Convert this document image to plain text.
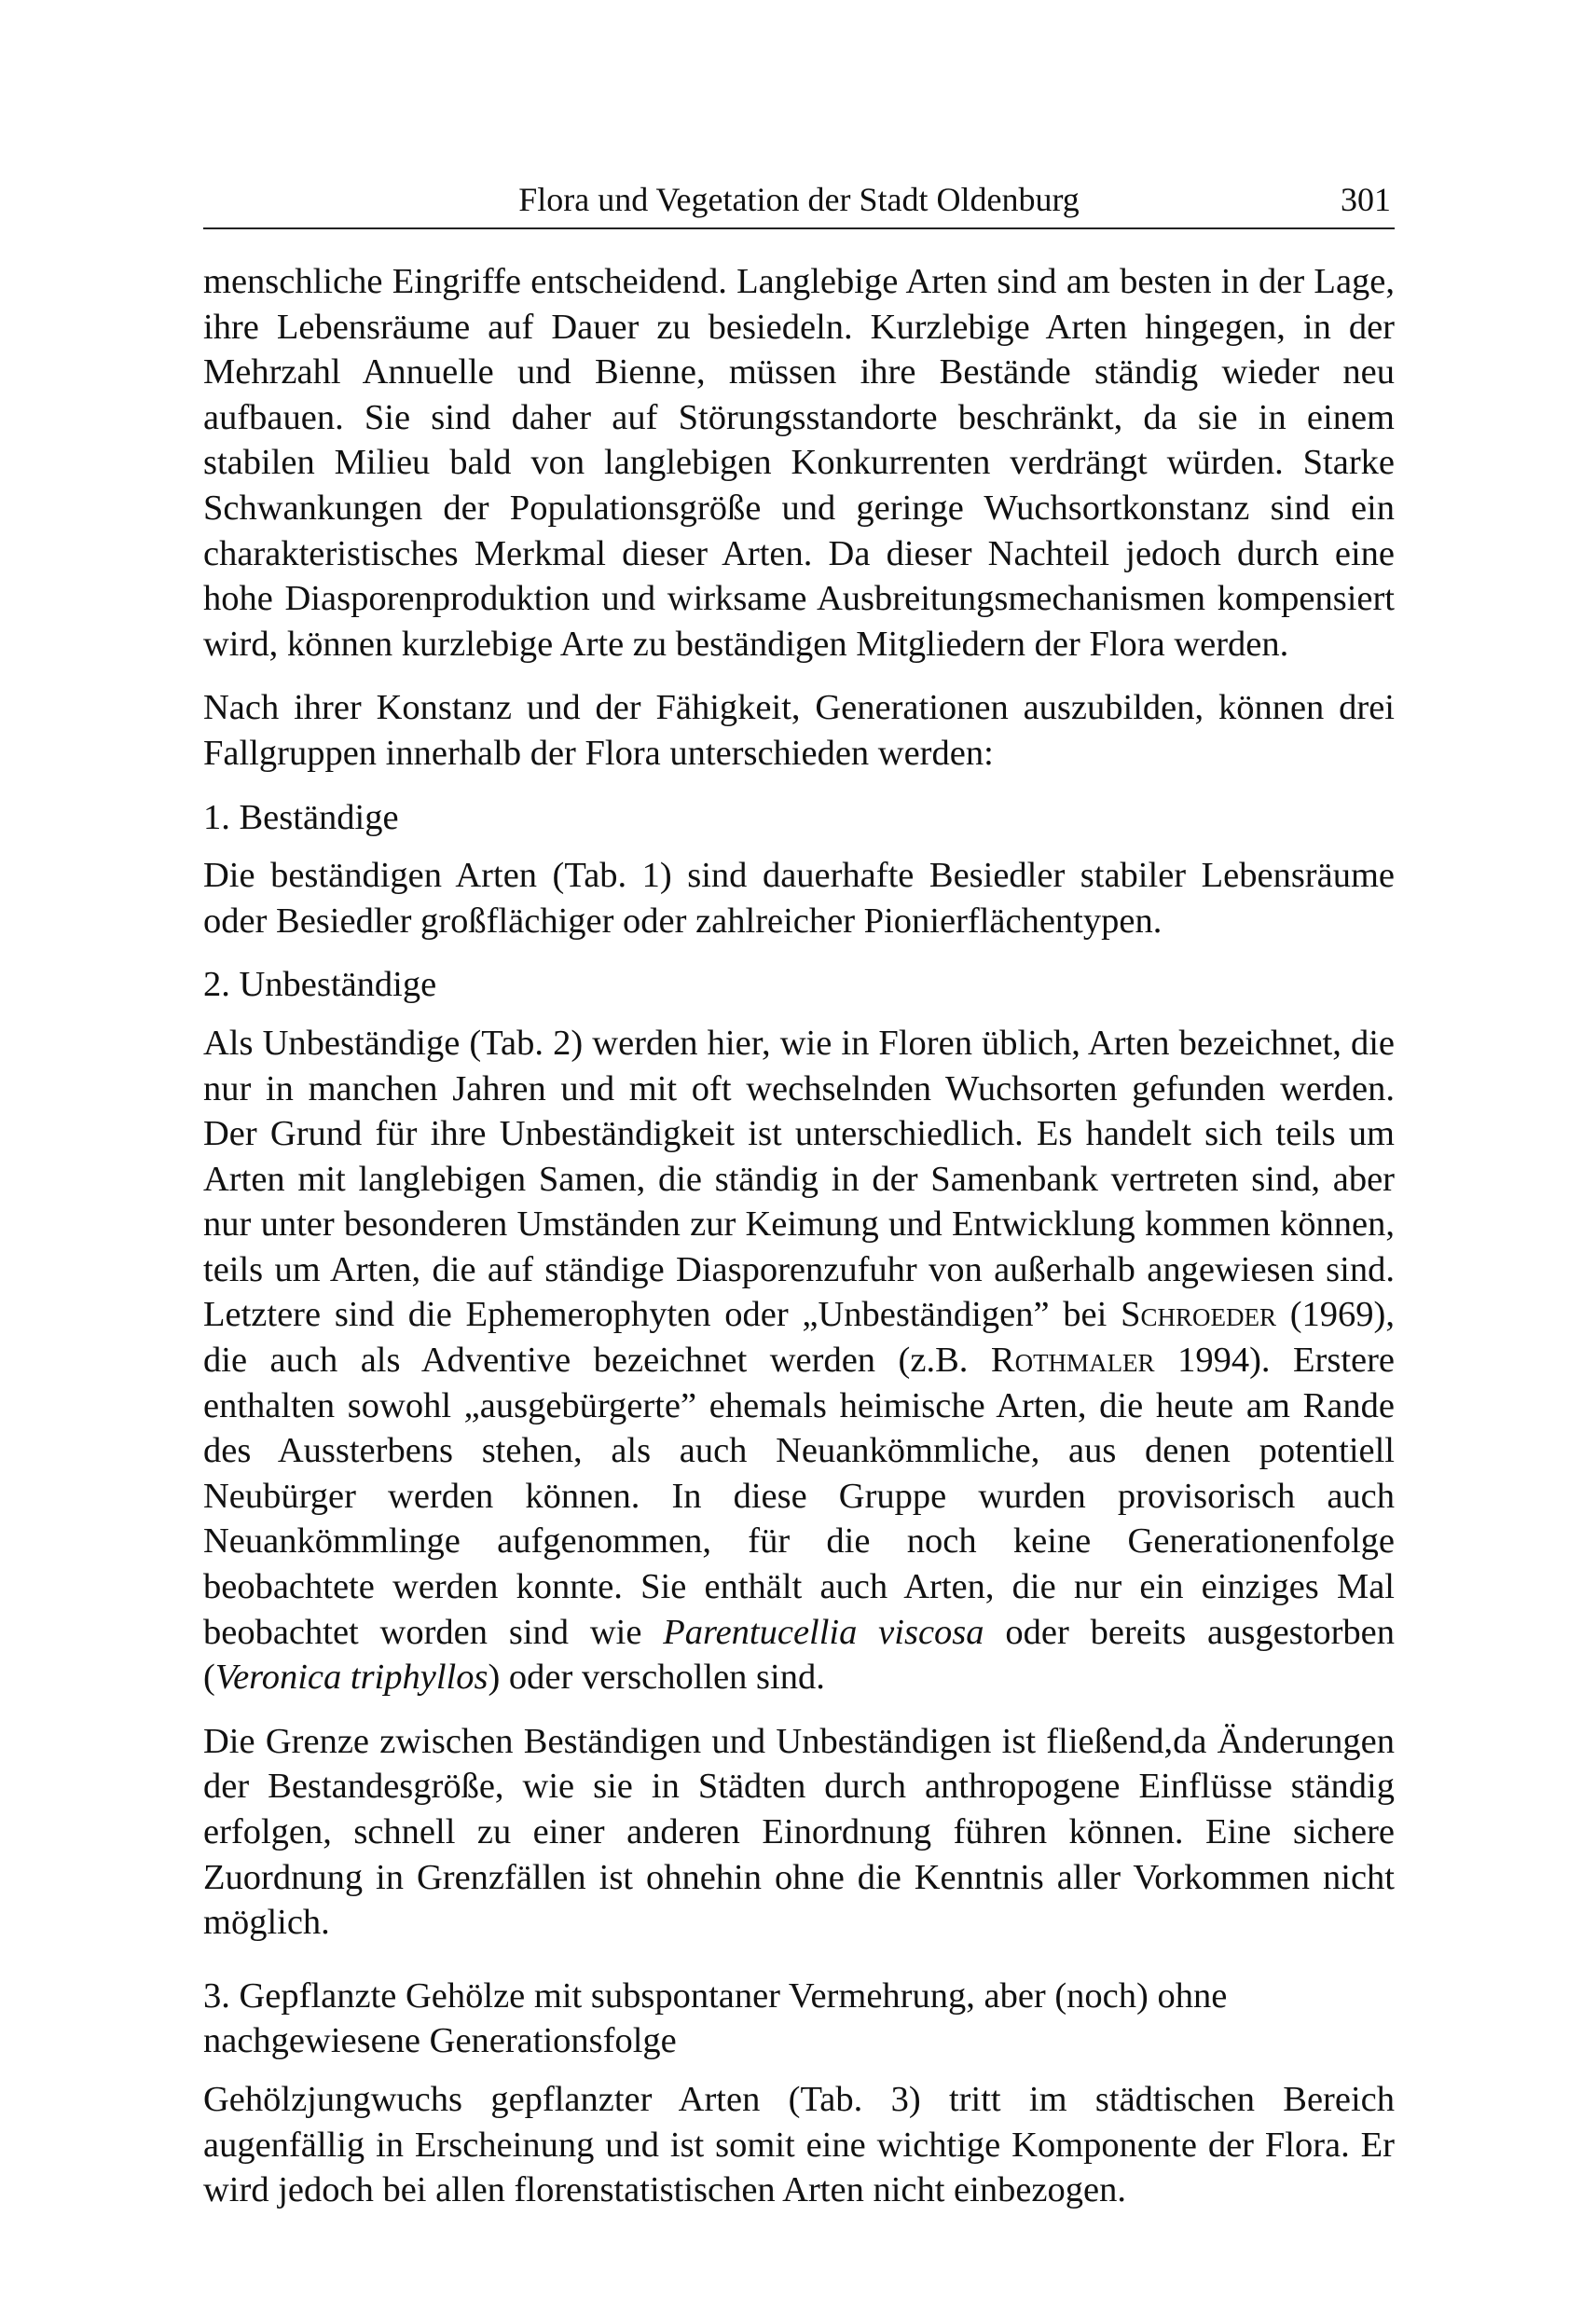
Flora und Vegetation der Stadt Oldenburg	301

menschliche Eingriffe entscheidend. Langlebige Arten sind am besten in der Lage, ihre Lebensräume auf Dauer zu besiedeln. Kurzlebige Arten hingegen, in der Mehrzahl Annuelle und Bienne, müssen ihre Bestände ständig wieder neu aufbauen. Sie sind daher auf Störungsstandorte beschränkt, da sie in einem stabilen Milieu bald von langlebigen Konkurrenten verdrängt würden. Starke Schwankungen der Populationsgröße und geringe Wuchsortkonstanz sind ein charakteristisches Merkmal dieser Arten. Da dieser Nachteil jedoch durch eine hohe Diasporenproduktion und wirksame Ausbreitungsmechanismen kompensiert wird, können kurzlebige Arte zu beständigen Mitgliedern der Flora werden.

Nach ihrer Konstanz und der Fähigkeit, Generationen auszubilden, können drei Fallgruppen innerhalb der Flora unterschieden werden:

1. Beständige

Die beständigen Arten (Tab. 1) sind dauerhafte Besiedler stabiler Lebensräume oder Besiedler großflächiger oder zahlreicher Pionierflächentypen.

2. Unbeständige

Als Unbeständige (Tab. 2) werden hier, wie in Floren üblich, Arten bezeichnet, die nur in manchen Jahren und mit oft wechselnden Wuchsorten gefunden werden. Der Grund für ihre Unbeständigkeit ist unterschiedlich. Es handelt sich teils um Arten mit langlebigen Samen, die ständig in der Samenbank vertreten sind, aber nur unter besonderen Umständen zur Keimung und Entwicklung kommen können, teils um Arten, die auf ständige Diasporenzufuhr von außerhalb angewiesen sind. Letztere sind die Ephemerophyten oder „Unbeständigen” bei Schroeder (1969), die auch als Adventive bezeichnet werden (z.B. Rothmaler 1994). Erstere enthalten sowohl „ausgebürgerte” ehemals heimische Arten, die heute am Rande des Aussterbens stehen, als auch Neuankömmliche, aus denen potentiell Neubürger werden können. In diese Gruppe wurden provisorisch auch Neuankömmlinge aufgenommen, für die noch keine Generationenfolge beobachtete werden konnte. Sie enthält auch Arten, die nur ein einziges Mal beobachtet worden sind wie Parentucellia viscosa oder bereits ausgestorben (Veronica triphyllos) oder verschollen sind.

Die Grenze zwischen Beständigen und Unbeständigen ist fließend,da Änderungen der Bestandesgröße, wie sie in Städten durch anthropogene Einflüsse ständig erfolgen, schnell zu einer anderen Einordnung führen können. Eine sichere Zuordnung in Grenzfällen ist ohnehin ohne die Kenntnis aller Vorkommen nicht möglich.

3. Gepflanzte Gehölze mit subspontaner Vermehrung, aber (noch) ohne nachgewiesene Generationsfolge

Gehölzjungwuchs gepflanzter Arten (Tab. 3) tritt im städtischen Bereich augenfällig in Erscheinung und ist somit eine wichtige Komponente der Flora. Er wird jedoch bei allen florenstatistischen Arten nicht einbezogen.
